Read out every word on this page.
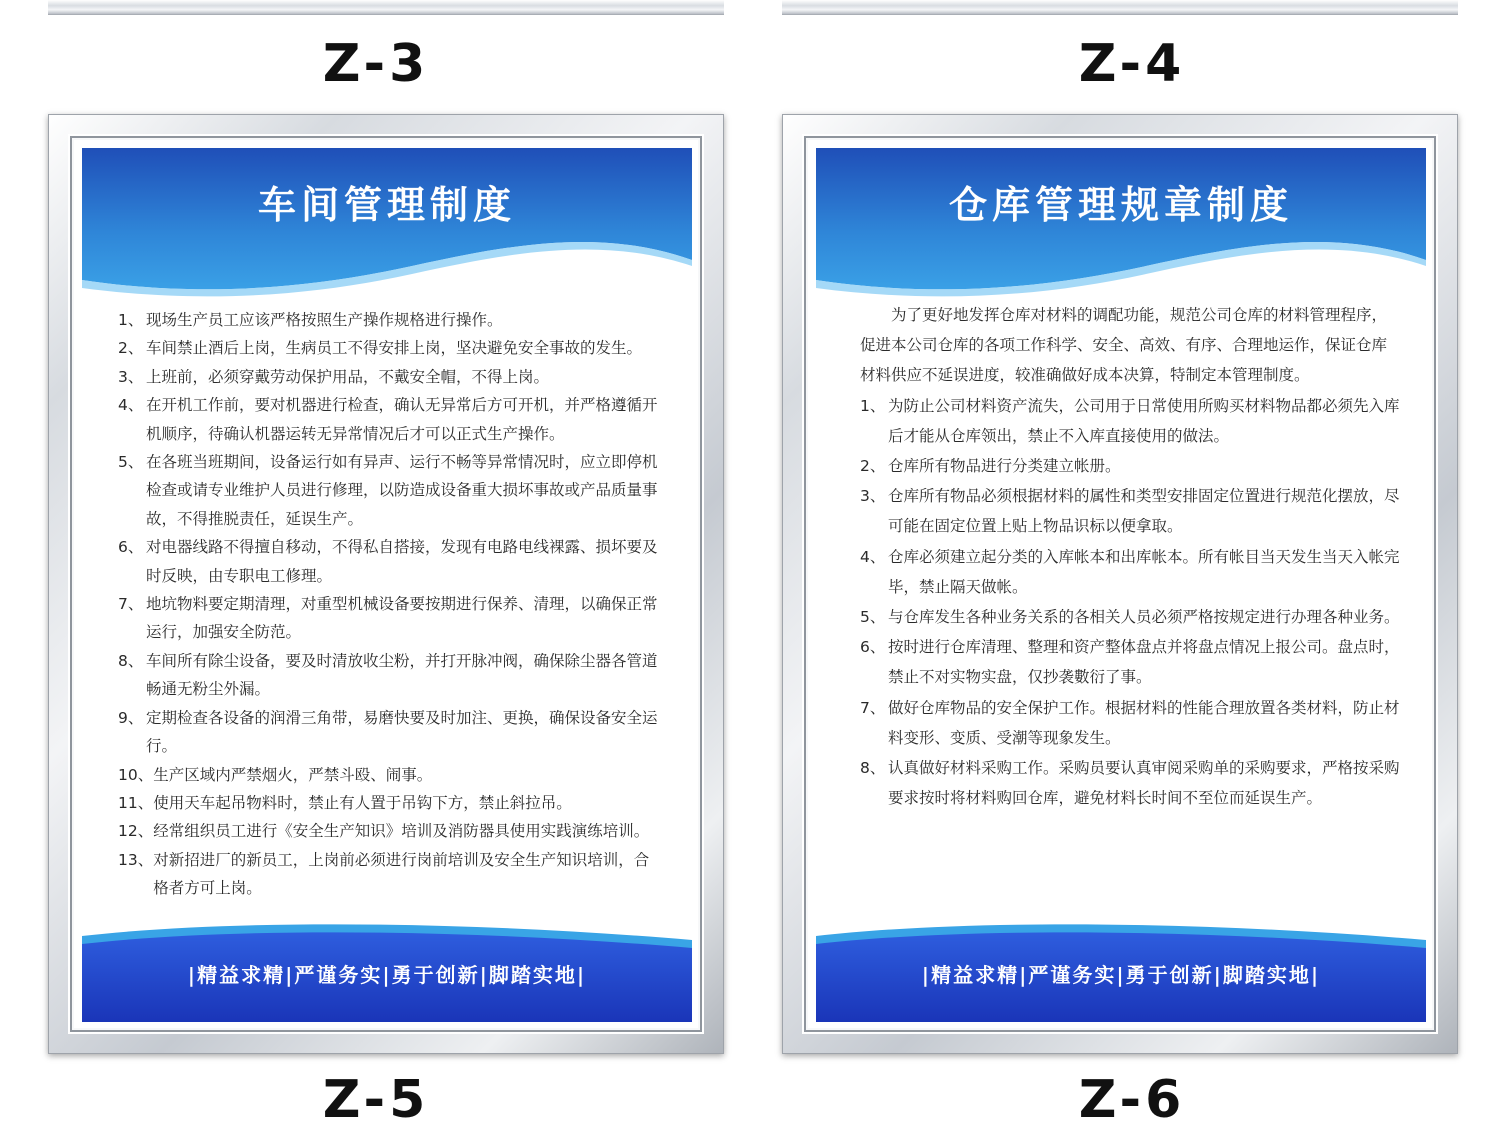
Z-3	Z-4
车间管理制度
1、 现场生产员工应该严格按照生产操作规格进行操作。
2、 车间禁止酒后上岗，生病员工不得安排上岗，坚决避免安全事故的发生。
3、 上班前，必须穿戴劳动保护用品，不戴安全帽，不得上岗。
4、 在开机工作前，要对机器进行检查，确认无异常后方可开机，并严格遵循开机顺序，待确认机器运转无异常情况后才可以正式生产操作。
5、 在各班当班期间，设备运行如有异声、运行不畅等异常情况时，应立即停机检查或请专业维护人员进行修理，以防造成设备重大损坏事故或产品质量事故，不得推脱责任，延误生产。
6、 对电器线路不得擅自移动，不得私自搭接，发现有电路电线裸露、损坏要及时反映，由专职电工修理。
7、 地坑物料要定期清理，对重型机械设备要按期进行保养、清理，以确保正常运行，加强安全防范。
8、 车间所有除尘设备，要及时清放收尘粉，并打开脉冲阀，确保除尘器各管道畅通无粉尘外漏。
9、 定期检查各设备的润滑三角带，易磨快要及时加注、更换，确保设备安全运行。
10、 生产区域内严禁烟火，严禁斗殴、闹事。
11、 使用天车起吊物料时，禁止有人置于吊钩下方，禁止斜拉吊。
12、 经常组织员工进行《安全生产知识》培训及消防器具使用实践演练培训。
13、 对新招进厂的新员工，上岗前必须进行岗前培训及安全生产知识培训，合格者方可上岗。
|精益求精|严谨务实|勇于创新|脚踏实地|
仓库管理规章制度
为了更好地发挥仓库对材料的调配功能，规范公司仓库的材料管理程序，促进本公司仓库的各项工作科学、安全、高效、有序、合理地运作，保证仓库材料供应不延误进度，较准确做好成本决算，特制定本管理制度。
1、 为防止公司材料资产流失，公司用于日常使用所购买材料物品都必须先入库后才能从仓库领出，禁止不入库直接使用的做法。
2、 仓库所有物品进行分类建立帐册。
3、 仓库所有物品必须根据材料的属性和类型安排固定位置进行规范化摆放，尽可能在固定位置上贴上物品识标以便拿取。
4、 仓库必须建立起分类的入库帐本和出库帐本。所有帐目当天发生当天入帐完毕，禁止隔天做帐。
5、 与仓库发生各种业务关系的各相关人员必须严格按规定进行办理各种业务。
6、 按时进行仓库清理、整理和资产整体盘点并将盘点情况上报公司。盘点时，禁止不对实物实盘，仅抄袭數衍了事。
7、 做好仓库物品的安全保护工作。根据材料的性能合理放置各类材料，防止材料变形、变质、受潮等现象发生。
8、 认真做好材料采购工作。采购员要认真审阅采购单的采购要求，严格按采购要求按时将材料购回仓库，避免材料长时间不至位而延误生产。
|精益求精|严谨务实|勇于创新|脚踏实地|
Z-5	Z-6
